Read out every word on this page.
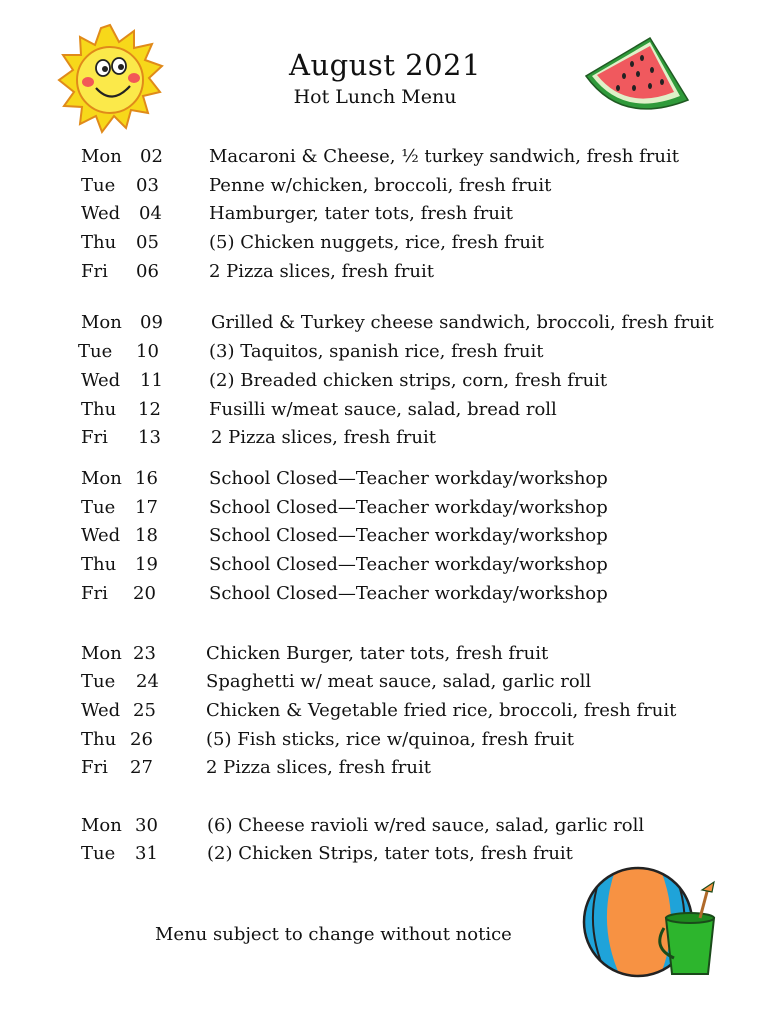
August 2021
Hot Lunch Menu
Mon 02	Macaroni & Cheese, ½ turkey sandwich, fresh fruit
Tue 03	Penne w/chicken, broccoli, fresh fruit
Wed 04	Hamburger, tater tots, fresh fruit
Thu 05	(5) Chicken nuggets, rice, fresh fruit
Fri 06	2 Pizza slices, fresh fruit
Mon 09	Grilled & Turkey cheese sandwich, broccoli, fresh fruit
Tue 10	(3) Taquitos, spanish rice, fresh fruit
Wed 11	(2) Breaded chicken strips, corn, fresh fruit
Thu 12	Fusilli w/meat sauce, salad, bread roll
Fri 13	2 Pizza slices, fresh fruit
Mon 16	School Closed—Teacher workday/workshop
Tue 17	School Closed—Teacher workday/workshop
Wed 18	School Closed—Teacher workday/workshop
Thu 19	School Closed—Teacher workday/workshop
Fri 20	School Closed—Teacher workday/workshop
Mon 23	Chicken Burger, tater tots, fresh fruit
Tue 24	Spaghetti w/ meat sauce, salad, garlic roll
Wed 25	Chicken & Vegetable fried rice, broccoli, fresh fruit
Thu 26	(5) Fish sticks, rice w/quinoa, fresh fruit
Fri 27	2 Pizza slices, fresh fruit
Mon 30	(6) Cheese ravioli w/red sauce, salad, garlic roll
Tue 31	(2) Chicken Strips, tater tots, fresh fruit
Menu subject to change without notice
